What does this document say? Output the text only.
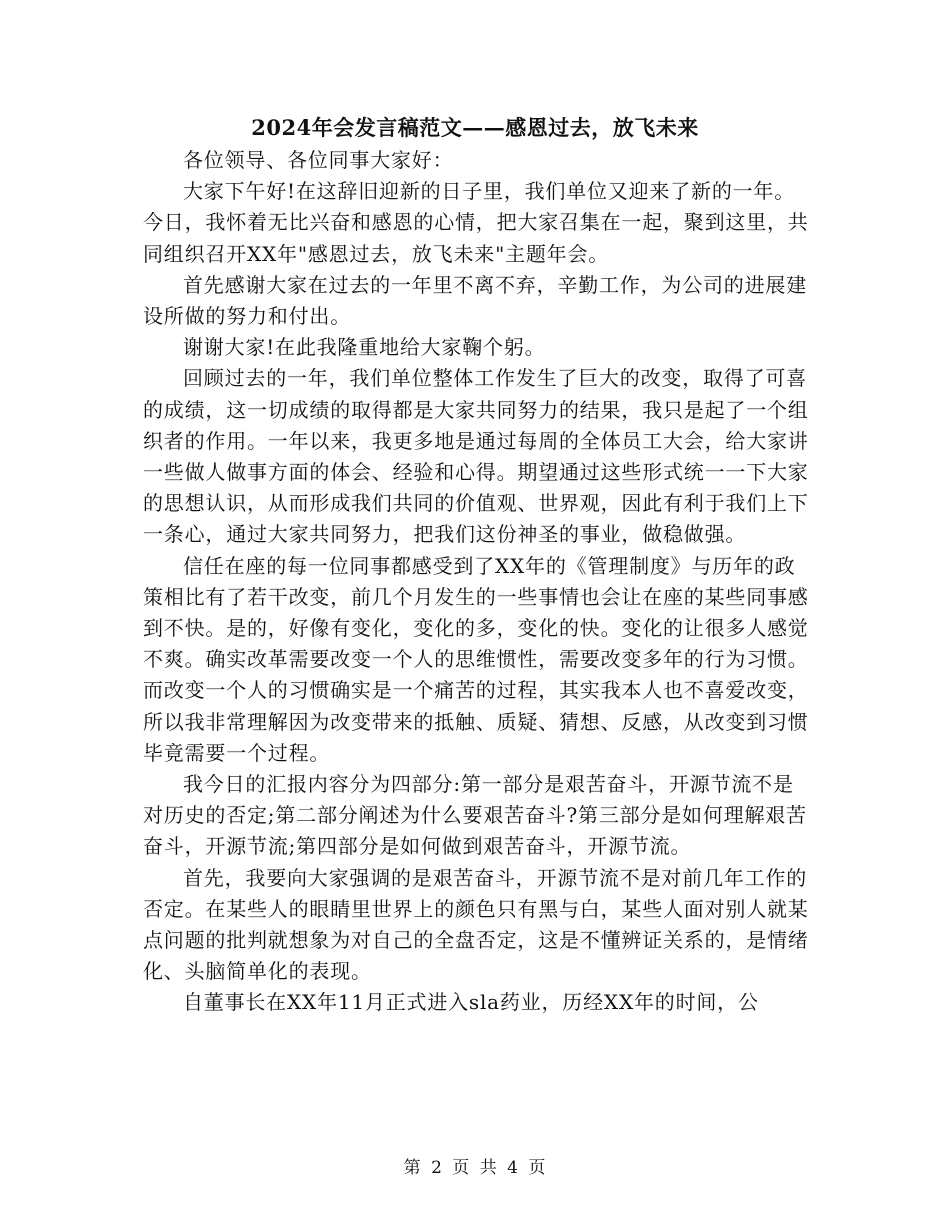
2024年会发言稿范文——感恩过去，放飞未来

各位领导、各位同事大家好：

大家下午好!在这辞旧迎新的日子里，我们单位又迎来了新的一年。今日，我怀着无比兴奋和感恩的心情，把大家召集在一起，聚到这里，共同组织召开XX年"感恩过去，放飞未来"主题年会。

首先感谢大家在过去的一年里不离不弃，辛勤工作，为公司的进展建设所做的努力和付出。

谢谢大家!在此我隆重地给大家鞠个躬。

回顾过去的一年，我们单位整体工作发生了巨大的改变，取得了可喜的成绩，这一切成绩的取得都是大家共同努力的结果，我只是起了一个组织者的作用。一年以来，我更多地是通过每周的全体员工大会，给大家讲一些做人做事方面的体会、经验和心得。期望通过这些形式统一一下大家的思想认识，从而形成我们共同的价值观、世界观，因此有利于我们上下一条心，通过大家共同努力，把我们这份神圣的事业，做稳做强。

信任在座的每一位同事都感受到了XX年的《管理制度》与历年的政策相比有了若干改变，前几个月发生的一些事情也会让在座的某些同事感到不快。是的，好像有变化，变化的多，变化的快。变化的让很多人感觉不爽。确实改革需要改变一个人的思维惯性，需要改变多年的行为习惯。而改变一个人的习惯确实是一个痛苦的过程，其实我本人也不喜爱改变，所以我非常理解因为改变带来的抵触、质疑、猜想、反感，从改变到习惯毕竟需要一个过程。

我今日的汇报内容分为四部分:第一部分是艰苦奋斗，开源节流不是对历史的否定;第二部分阐述为什么要艰苦奋斗?第三部分是如何理解艰苦奋斗，开源节流;第四部分是如何做到艰苦奋斗，开源节流。

首先，我要向大家强调的是艰苦奋斗，开源节流不是对前几年工作的否定。在某些人的眼睛里世界上的颜色只有黑与白，某些人面对别人就某点问题的批判就想象为对自己的全盘否定，这是不懂辨证关系的，是情绪化、头脑简单化的表现。

自董事长在XX年11月正式进入sla药业，历经XX年的时间，公

第 2 页 共 4 页
